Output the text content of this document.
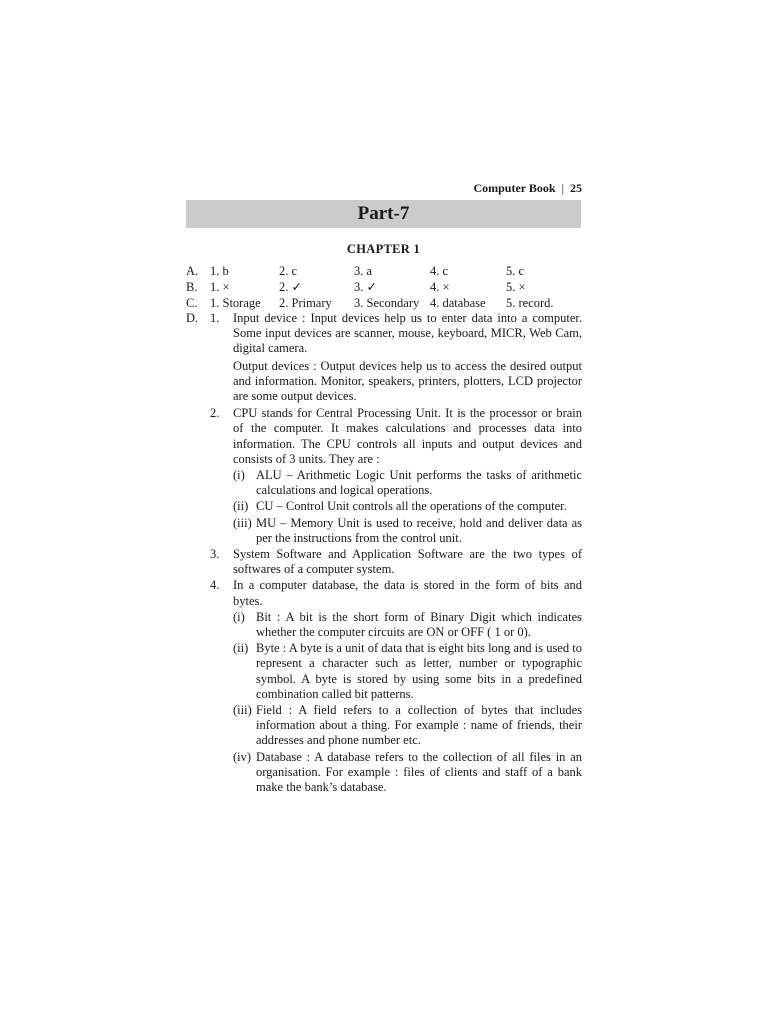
Computer Book | 25
Part-7
CHAPTER 1
A. 1. b	2. c	3. a	4. c	5. c
B. 1. ×	2. ✓	3. ✓	4. ×	5. ×
C. 1. Storage 2. Primary 3. Secondary 4. database 5. record.
D. 1. Input device : Input devices help us to enter data into a computer. Some input devices are scanner, mouse, keyboard, MICR, Web Cam, digital camera.

Output devices : Output devices help us to access the desired output and information. Monitor, speakers, printers, plotters, LCD projector are some output devices.

2. CPU stands for Central Processing Unit. It is the processor or brain of the computer. It makes calculations and processes data into information. The CPU controls all inputs and output devices and consists of 3 units. They are :
(i) ALU – Arithmetic Logic Unit performs the tasks of arithmetic calculations and logical operations.
(ii) CU – Control Unit controls all the operations of the computer.
(iii) MU – Memory Unit is used to receive, hold and deliver data as per the instructions from the control unit.
3. System Software and Application Software are the two types of softwares of a computer system.
4. In a computer database, the data is stored in the form of bits and bytes.
(i) Bit : A bit is the short form of Binary Digit which indicates whether the computer circuits are ON or OFF ( 1 or 0).
(ii) Byte : A byte is a unit of data that is eight bits long and is used to represent a character such as letter, number or typographic symbol. A byte is stored by using some bits in a predefined combination called bit patterns.
(iii) Field : A field refers to a collection of bytes that includes information about a thing. For example : name of friends, their addresses and phone number etc.
(iv) Database : A database refers to the collection of all files in an organisation. For example : files of clients and staff of a bank make the bank’s database.
